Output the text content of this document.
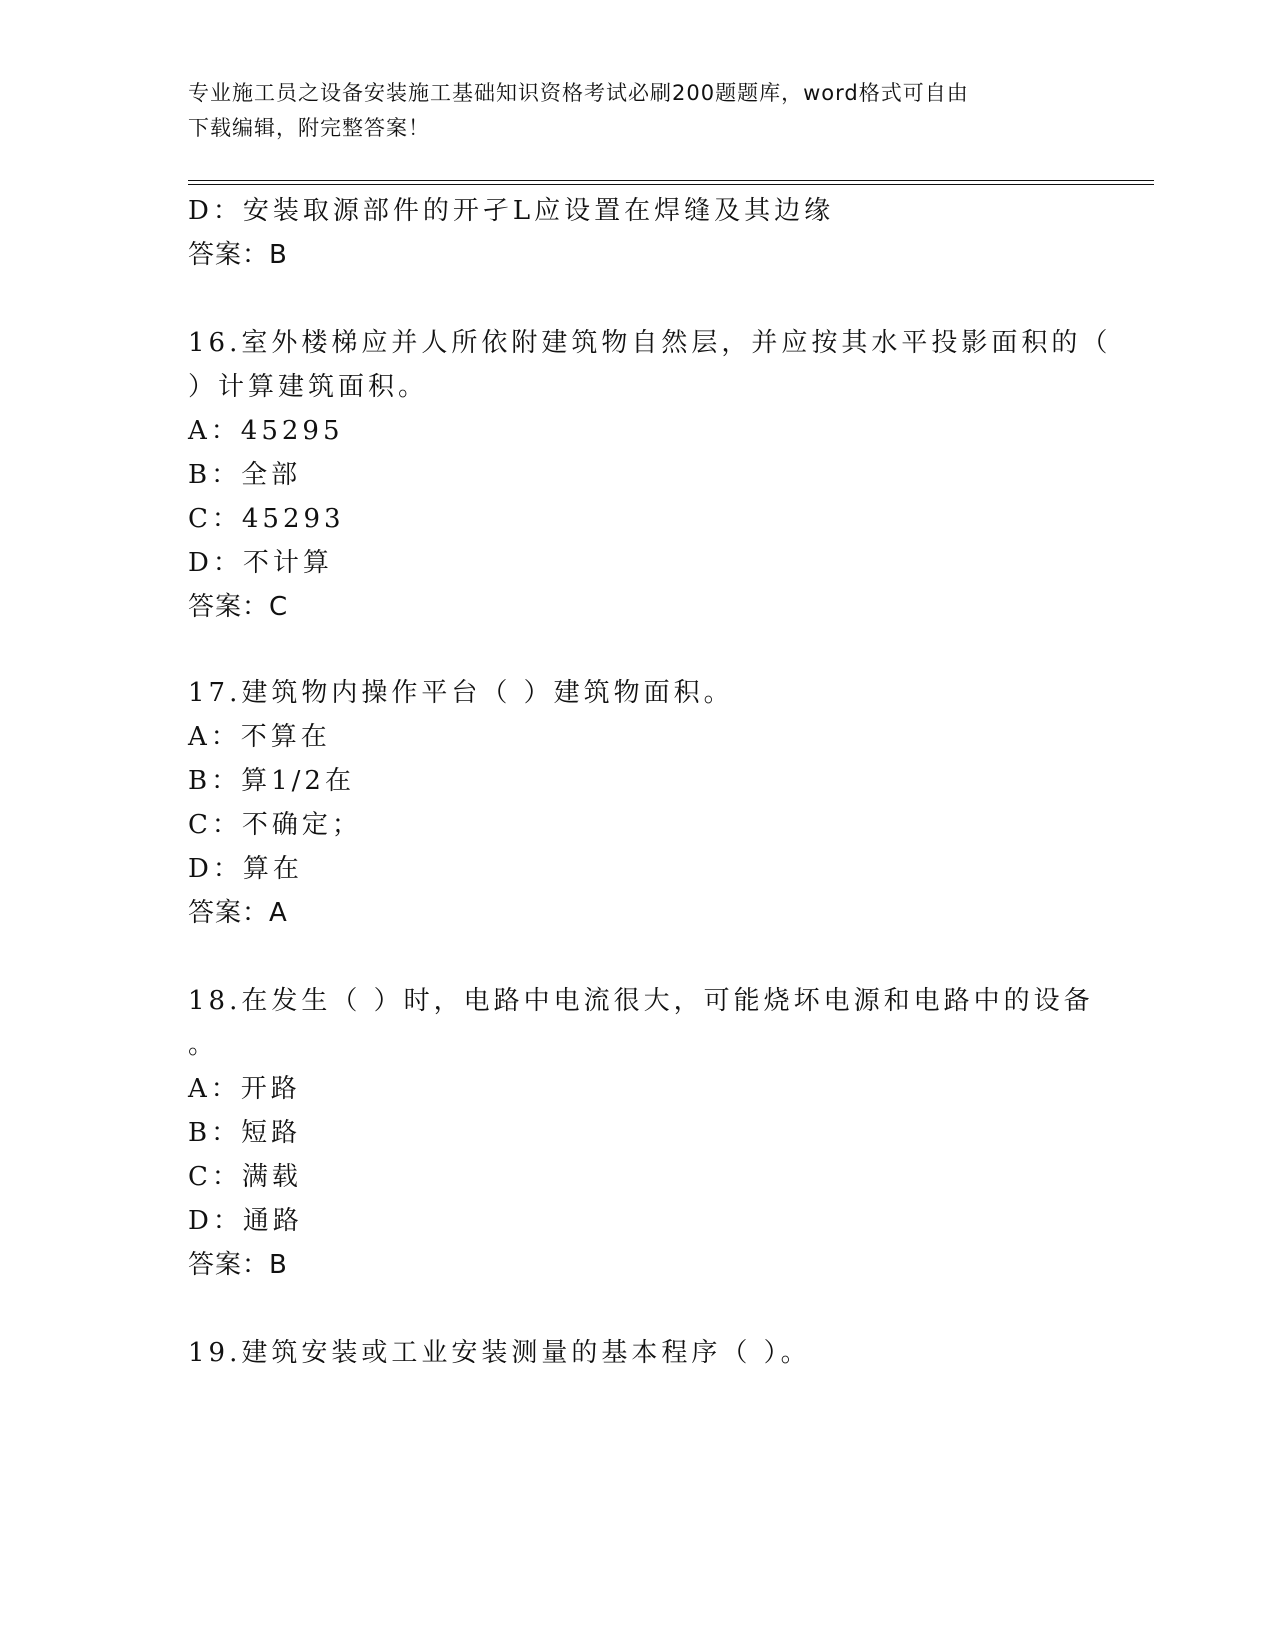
专业施工员之设备安装施工基础知识资格考试必刷200题题库，word格式可自由
下载编辑，附完整答案！
D：安装取源部件的开孑L应设置在焊缝及其边缘
答案：B
16.室外楼梯应并人所依附建筑物自然层，并应按其水平投影面积的（
）计算建筑面积。
A：45295
B：全部
C：45293
D：不计算
答案：C
17.建筑物内操作平台（ ）建筑物面积。
A：不算在
B：算1/2在
C：不确定；
D：算在
答案：A
18.在发生（ ）时，电路中电流很大，可能烧坏电源和电路中的设备
。
A：开路
B：短路
C：满载
D：通路
答案：B
19.建筑安装或工业安装测量的基本程序（ ）。
